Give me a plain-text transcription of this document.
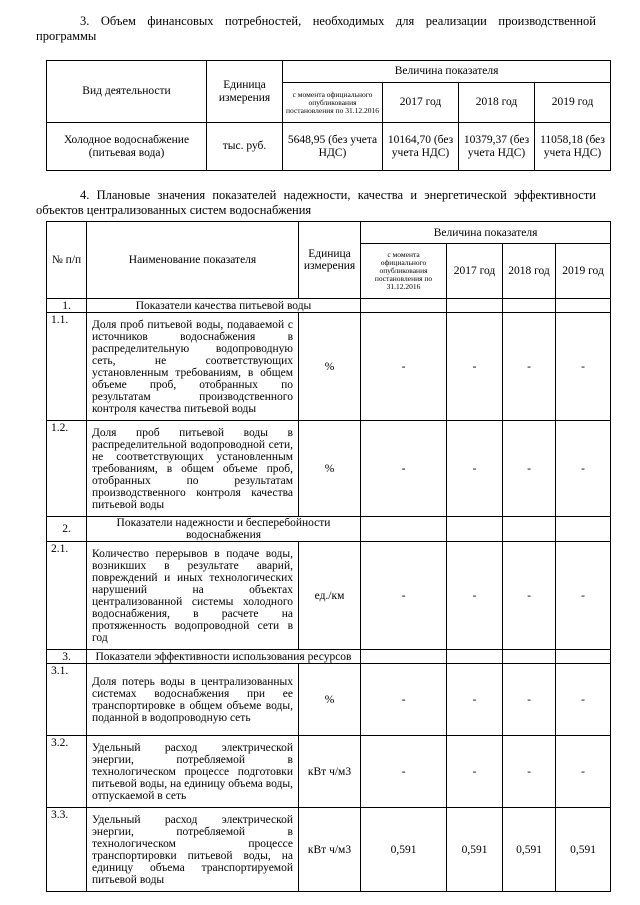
3. Объем финансовых потребностей, необходимых для реализации производственной программы
Вид деятельности	Единица измерения	Величина показателя			
		с момента официального опубликования постановления по 31.12.2016	2017 год	2018 год	2019 год
Холодное водоснабжение (питьевая вода)	тыс. руб.	5648,95 (без учета НДС)	10164,70 (без учета НДС)	10379,37 (без учета НДС)	11058,18 (без учета НДС)
4. Плановые значения показателей надежности, качества и энергетической эффективности объектов централизованных систем водоснабжения
№ п/п	Наименование показателя	Единица измерения	Величина показателя			
			с момента официального опубликования постановления по 31.12.2016	2017 год	2018 год	2019 год
1.	Показатели качества питьевой воды					
1.1.	Доля проб питьевой воды, подаваемой с источников водоснабжения в распределительную водопроводную сеть, не соответствующих установленным требованиям, в общем объеме проб, отобранных по результатам производственного контроля качества питьевой воды	%	-	-	-	-
1.2.	Доля проб питьевой воды в распределительной водопроводной сети, не соответствующих установленным требованиям, в общем объеме проб, отобранных по результатам производственного контроля качества питьевой воды	%	-	-	-	-
2.	Показатели надежности и бесперебойности водоснабжения					
2.1.	Количество перерывов в подаче воды, возникших в результате аварий, повреждений и иных технологических нарушений на объектах централизованной системы холодного водоснабжения, в расчете на протяженность водопроводной сети в год	ед./км	-	-	-	-
3.	Показатели эффективности использования ресурсов					
3.1.	Доля потерь воды в централизованных системах водоснабжения при ее транспортировке в общем объеме воды, поданной в водопроводную сеть	%	-	-	-	-
3.2.	Удельный расход электрической энергии, потребляемой в технологическом процессе подготовки питьевой воды, на единицу объема воды, отпускаемой в сеть	кВт ч/м3	-	-	-	-
3.3.	Удельный расход электрической энергии, потребляемой в технологическом процессе транспортировки питьевой воды, на единицу объема транспортируемой питьевой воды	кВт ч/м3	0,591	0,591	0,591	0,591
